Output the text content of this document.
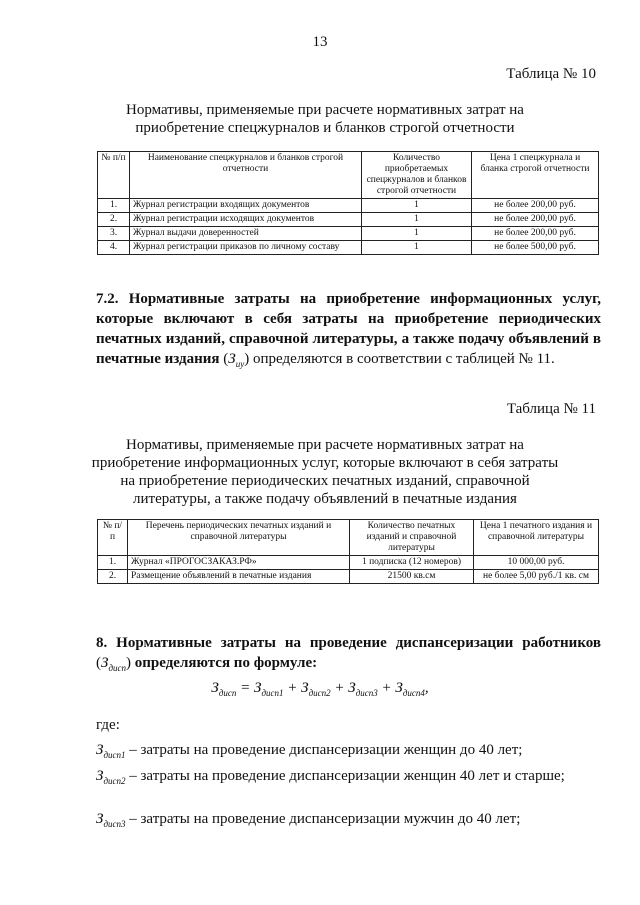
13
Таблица № 10
Нормативы, применяемые при расчете нормативных затрат на приобретение спецжурналов и бланков строгой отчетности
№ п/п	Наименование спецжурналов и бланков строгой отчетности	Количество приобретаемых спецжурналов и бланков строгой отчетности	Цена 1 спецжурнала и бланка строгой отчетности
1.	Журнал регистрации входящих документов	1	не более 200,00 руб.
2.	Журнал регистрации исходящих документов	1	не более 200,00 руб.
3.	Журнал выдачи доверенностей	1	не более 200,00 руб.
4.	Журнал регистрации приказов по личному составу	1	не более 500,00 руб.
7.2. Нормативные затраты на приобретение информационных услуг, которые включают в себя затраты на приобретение периодических печатных изданий, справочной литературы, а также подачу объявлений в печатные издания $(З_{иу})$ определяются в соответствии с таблицей № 11.
Таблица № 11
Нормативы, применяемые при расчете нормативных затрат на приобретение информационных услуг, которые включают в себя затраты на приобретение периодических печатных изданий, справочной литературы, а также подачу объявлений в печатные издания
№ п/п	Перечень периодических печатных изданий и справочной литературы	Количество печатных изданий и справочной литературы	Цена 1 печатного издания и справочной литературы
1.	Журнал «ПРОГОСЗАКАЗ.РФ»	1 подписка (12 номеров)	10 000,00 руб.
2.	Размещение объявлений в печатные издания	21500 кв.см	не более 5,00 руб./1 кв. см
8. Нормативные затраты на проведение диспансеризации работников $(З_{дисп})$ определяются по формуле:
$З_{дисп} = З_{дисп1} + З_{дисп2} + З_{дисп3} + З_{дисп4}$,
где:
$З_{дисп1}$ – затраты на проведение диспансеризации женщин до 40 лет;
$З_{дисп2}$ – затраты на проведение диспансеризации женщин 40 лет и старше;
$З_{дисп3}$ – затраты на проведение диспансеризации мужчин до 40 лет;
